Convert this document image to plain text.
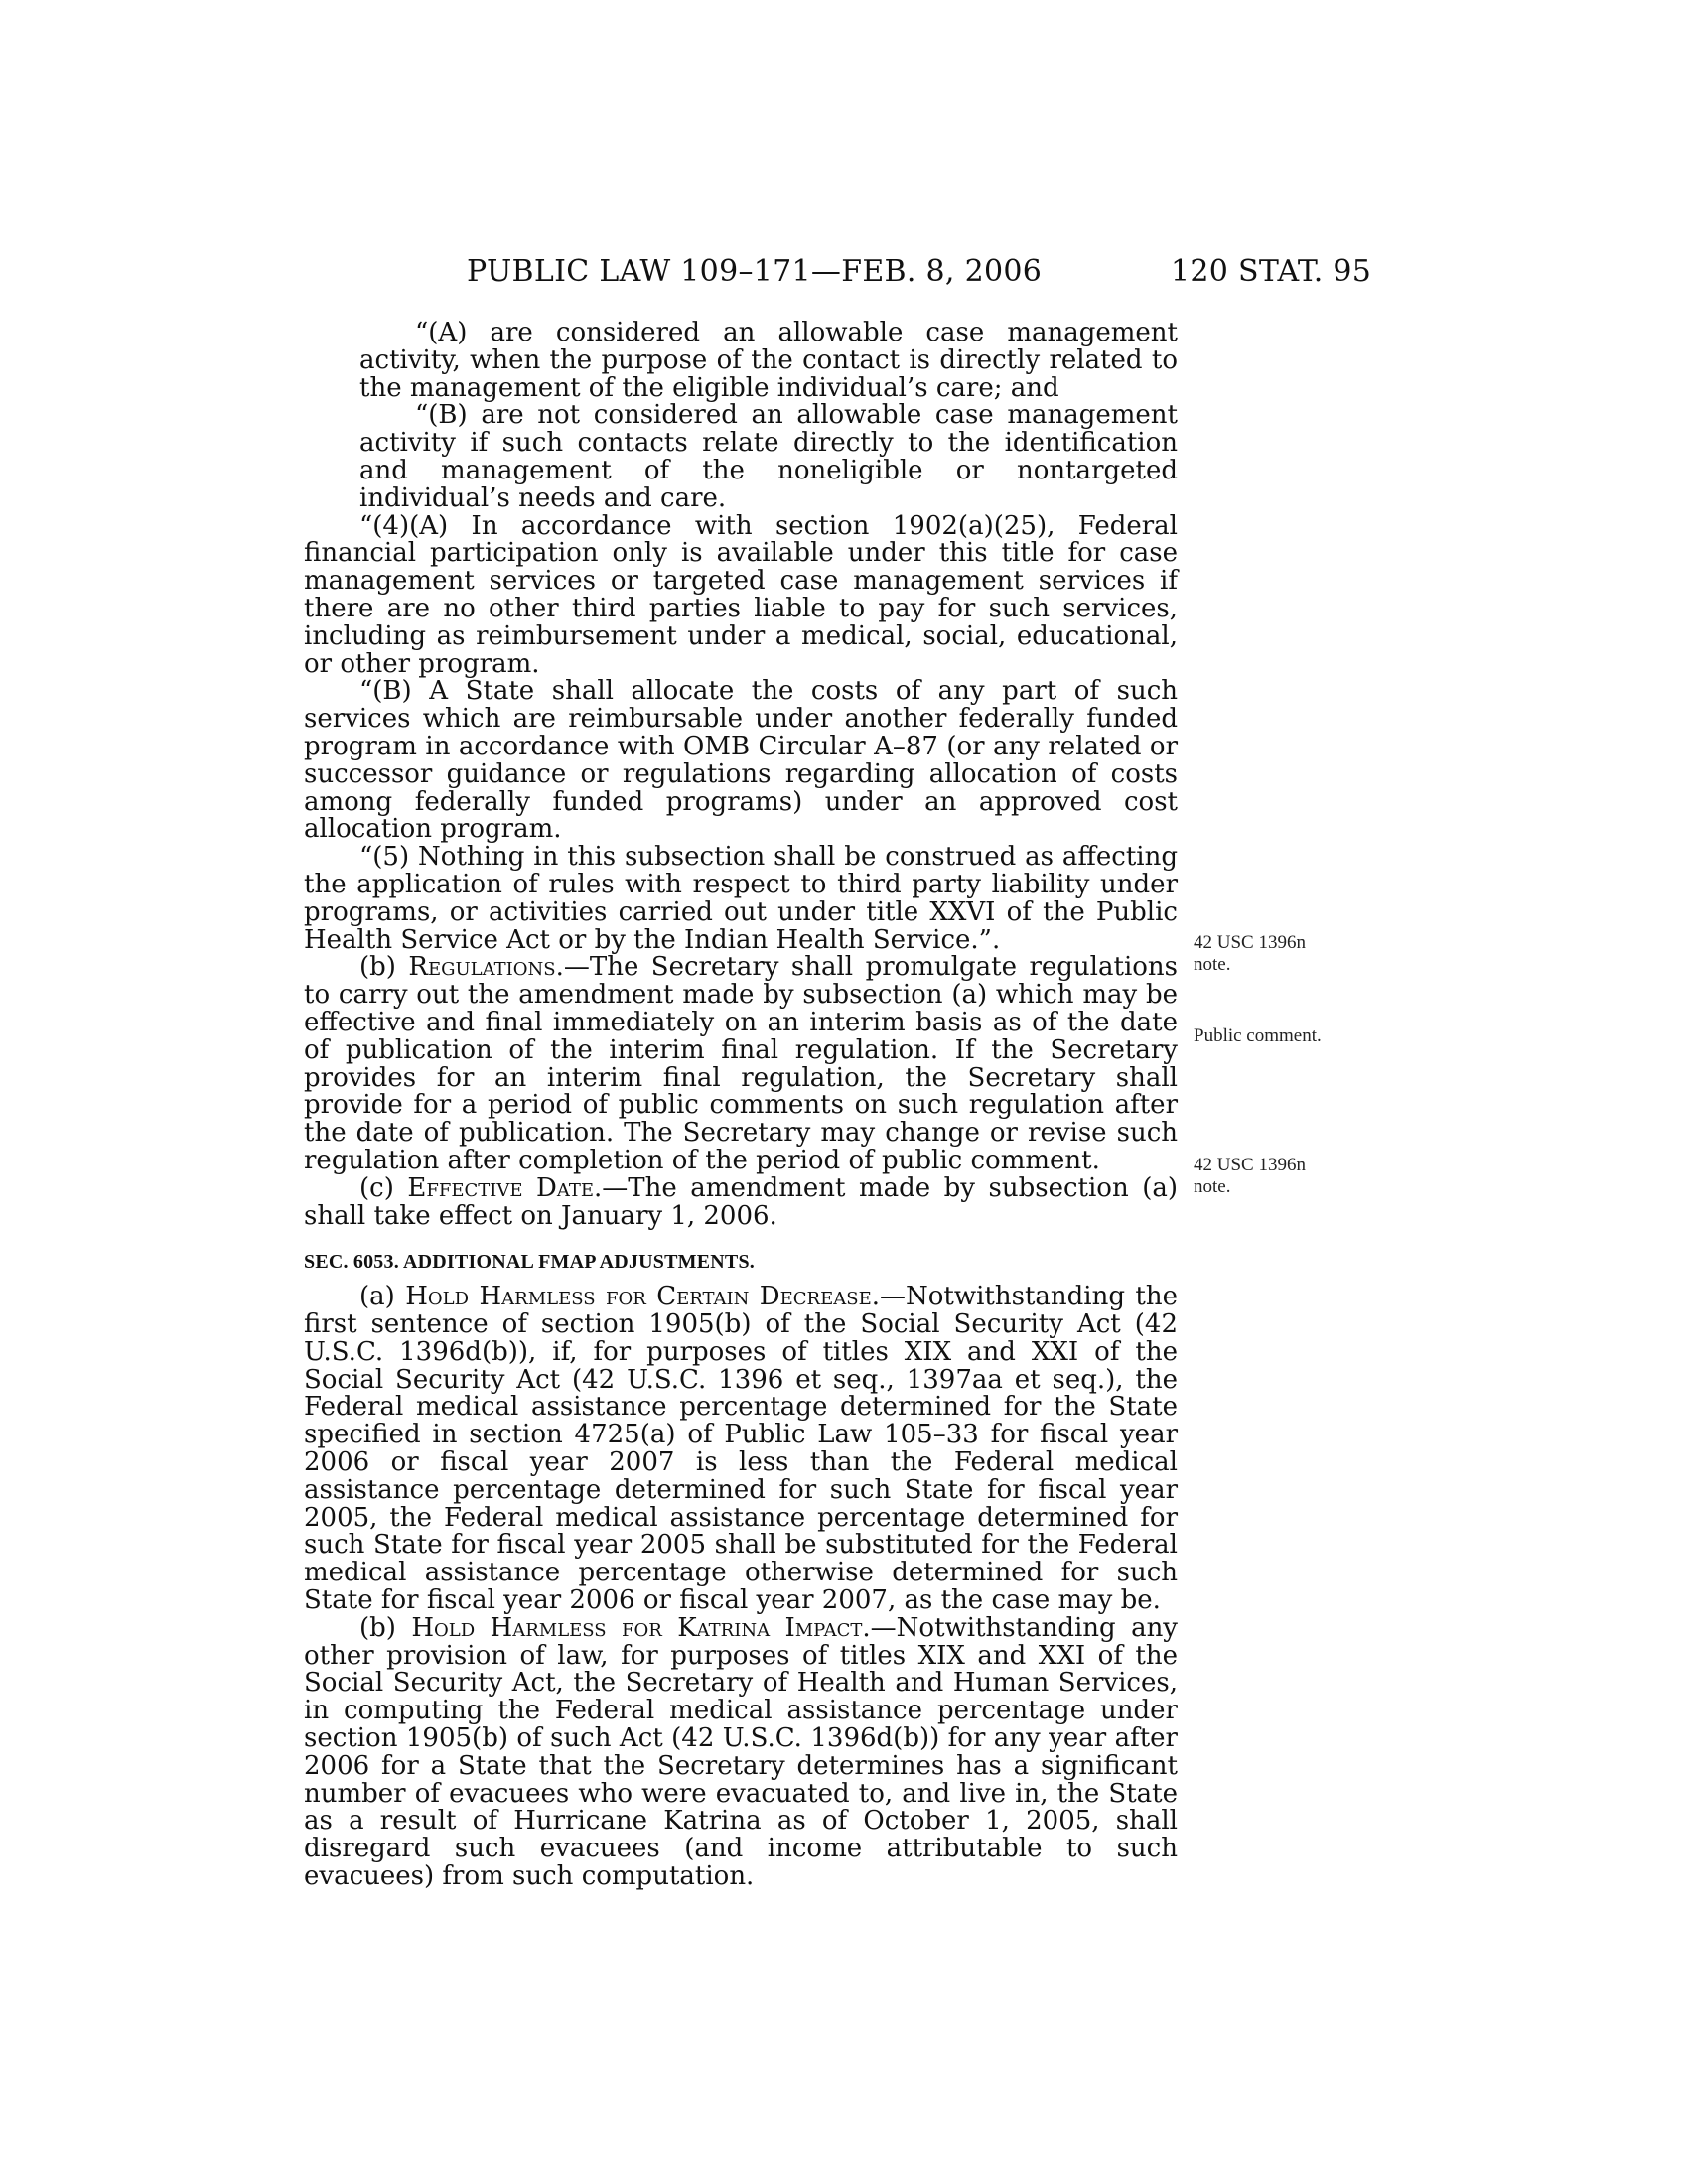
PUBLIC LAW 109–171—FEB. 8, 2006	120 STAT. 95

“(A) are considered an allowable case management activity, when the purpose of the contact is directly related to the management of the eligible individual’s care; and

“(B) are not considered an allowable case management activity if such contacts relate directly to the identification and management of the noneligible or nontargeted individual’s needs and care.

“(4)(A) In accordance with section 1902(a)(25), Federal financial participation only is available under this title for case management services or targeted case management services if there are no other third parties liable to pay for such services, including as reimbursement under a medical, social, educational, or other program.

“(B) A State shall allocate the costs of any part of such services which are reimbursable under another federally funded program in accordance with OMB Circular A–87 (or any related or successor guidance or regulations regarding allocation of costs among federally funded programs) under an approved cost allocation program.

“(5) Nothing in this subsection shall be construed as affecting the application of rules with respect to third party liability under programs, or activities carried out under title XXVI of the Public Health Service Act or by the Indian Health Service.”.

(b) Regulations.—The Secretary shall promulgate regulations to carry out the amendment made by subsection (a) which may be effective and final immediately on an interim basis as of the date of publication of the interim final regulation. If the Secretary provides for an interim final regulation, the Secretary shall provide for a period of public comments on such regulation after the date of publication. The Secretary may change or revise such regulation after completion of the period of public comment.

(c) Effective Date.—The amendment made by subsection (a) shall take effect on January 1, 2006.

SEC. 6053. ADDITIONAL FMAP ADJUSTMENTS.

(a) Hold Harmless for Certain Decrease.—Notwithstanding the first sentence of section 1905(b) of the Social Security Act (42 U.S.C. 1396d(b)), if, for purposes of titles XIX and XXI of the Social Security Act (42 U.S.C. 1396 et seq., 1397aa et seq.), the Federal medical assistance percentage determined for the State specified in section 4725(a) of Public Law 105–33 for fiscal year 2006 or fiscal year 2007 is less than the Federal medical assistance percentage determined for such State for fiscal year 2005, the Federal medical assistance percentage determined for such State for fiscal year 2005 shall be substituted for the Federal medical assistance percentage otherwise determined for such State for fiscal year 2006 or fiscal year 2007, as the case may be.

(b) Hold Harmless for Katrina Impact.—Notwithstanding any other provision of law, for purposes of titles XIX and XXI of the Social Security Act, the Secretary of Health and Human Services, in computing the Federal medical assistance percentage under section 1905(b) of such Act (42 U.S.C. 1396d(b)) for any year after 2006 for a State that the Secretary determines has a significant number of evacuees who were evacuated to, and live in, the State as a result of Hurricane Katrina as of October 1, 2005, shall disregard such evacuees (and income attributable to such evacuees) from such computation.

42 USC 1396n
note.
Public comment.
42 USC 1396n
note.
